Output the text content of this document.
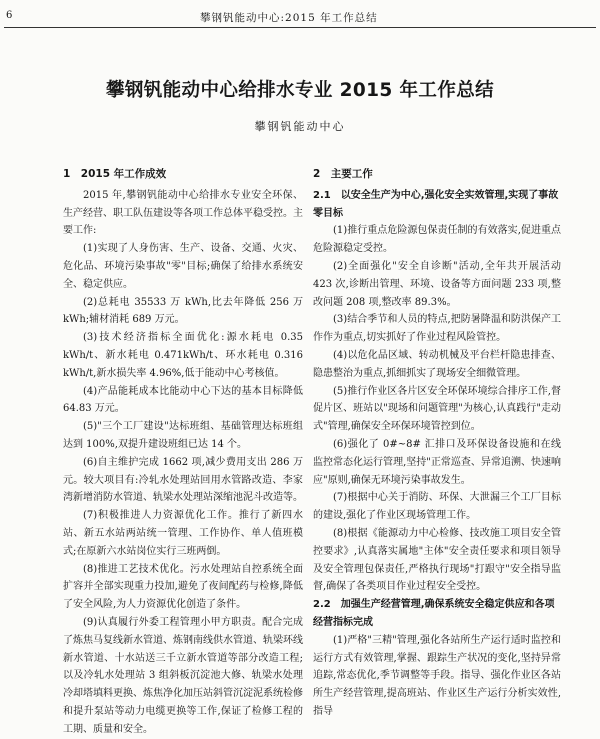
6	攀钢钒能动中心:2015 年工作总结
攀钢钒能动中心给排水专业 2015 年工作总结
攀钢钒能动中心
1　2015 年工作成效

2015 年,攀钢钒能动中心给排水专业安全环保、生产经营、职工队伍建设等各项工作总体平稳受控。主要工作:

(1)实现了人身伤害、生产、设备、交通、火灾、危化品、环境污染事故"零"目标;确保了给排水系统安全、稳定供应。

(2)总耗电 35533 万 kWh,比去年降低 256 万 kWh;辅材消耗 689 万元。

(3)技术经济指标全面优化:源水耗电 0.35 kWh/t、新水耗电 0.471kWh/t、环水耗电 0.316 kWh/t,新水损失率 4.96%,低于能动中心考核值。

(4)产品能耗成本比能动中心下达的基本目标降低 64.83 万元。

(5)"三个工厂建设"达标班组、基础管理达标班组达到 100%,双提升建设班组已达 14 个。

(6)自主维护完成 1662 项,减少费用支出 286 万元。较大项目有:冷轧水处理站回用水管路改造、李家湾新增消防水管道、轨梁水处理站深缩池泥斗改造等。

(7)积极推进人力资源优化工作。推行了新四水站、新五水站两站统一管理、工作协作、单人值班模式;在原新六水站岗位实行三班两倒。

(8)推进工艺技术优化。污水处理站自控系统全面扩容并全部实现重力投加,避免了夜间配药与检修,降低了安全风险,为人力资源优化创造了条件。

(9)认真履行外委工程管理小甲方职责。配合完成了炼焦马复线新水管道、炼钢南线供水管道、轨梁环线新水管道、十水站送三千立新水管道等部分改造工程;以及冷轧水处理站 3 组斜板沉淀池大修、轨梁水处理冷却塔填料更换、炼焦净化加压站斜管沉淀泥系统检修和提升泵站等动力电缆更换等工作,保证了检修工程的工期、质量和安全。

2　主要工作

2.1　以安全生产为中心,强化安全实效管理,实现了事故零目标

(1)推行重点危险源包保责任制的有效落实,促进重点危险源稳定受控。

(2)全面强化"安全自诊断"活动,全年共开展活动 423 次,诊断出管理、环境、设备等方面问题 233 项,整改问题 208 项,整改率 89.3%。

(3)结合季节和人员的特点,把防暑降温和防洪保产工作作为重点,切实抓好了作业过程风险管控。

(4)以危化品区域、转动机械及平台栏杆隐患排查、隐患整治为重点,抓细抓实了现场安全细微管理。

(5)推行作业区各片区安全环保环境综合排序工作,督促片区、班站以"现场和问题管理"为核心,认真践行"走动式"管理,确保安全环保环境管控到位。

(6)强化了 0#~8# 汇排口及环保设备设施和在线监控常态化运行管理,坚持"正常巡查、异常追溯、快速响应"原则,确保无环境污染事故发生。

(7)根据中心关于消防、环保、大泄漏三个工厂目标的建设,强化了作业区现场管理工作。

(8)根据《能源动力中心检修、技改施工项目安全管控要求》,认真落实属地"主体"安全责任要求和项目领导及安全管理包保责任,严格执行现场"打跟守"安全指导监督,确保了各类项目作业过程安全受控。

2.2　加强生产经营管理,确保系统安全稳定供应和各项经营指标完成

(1)严格"三精"管理,强化各站所生产运行适时监控和运行方式有效管理,掌握、跟踪生产状况的变化,坚持异常追踪,常态优化,季节调整等手段。指导、强化作业区各站所生产经营管理,提高班站、作业区生产运行分析实效性,指导
